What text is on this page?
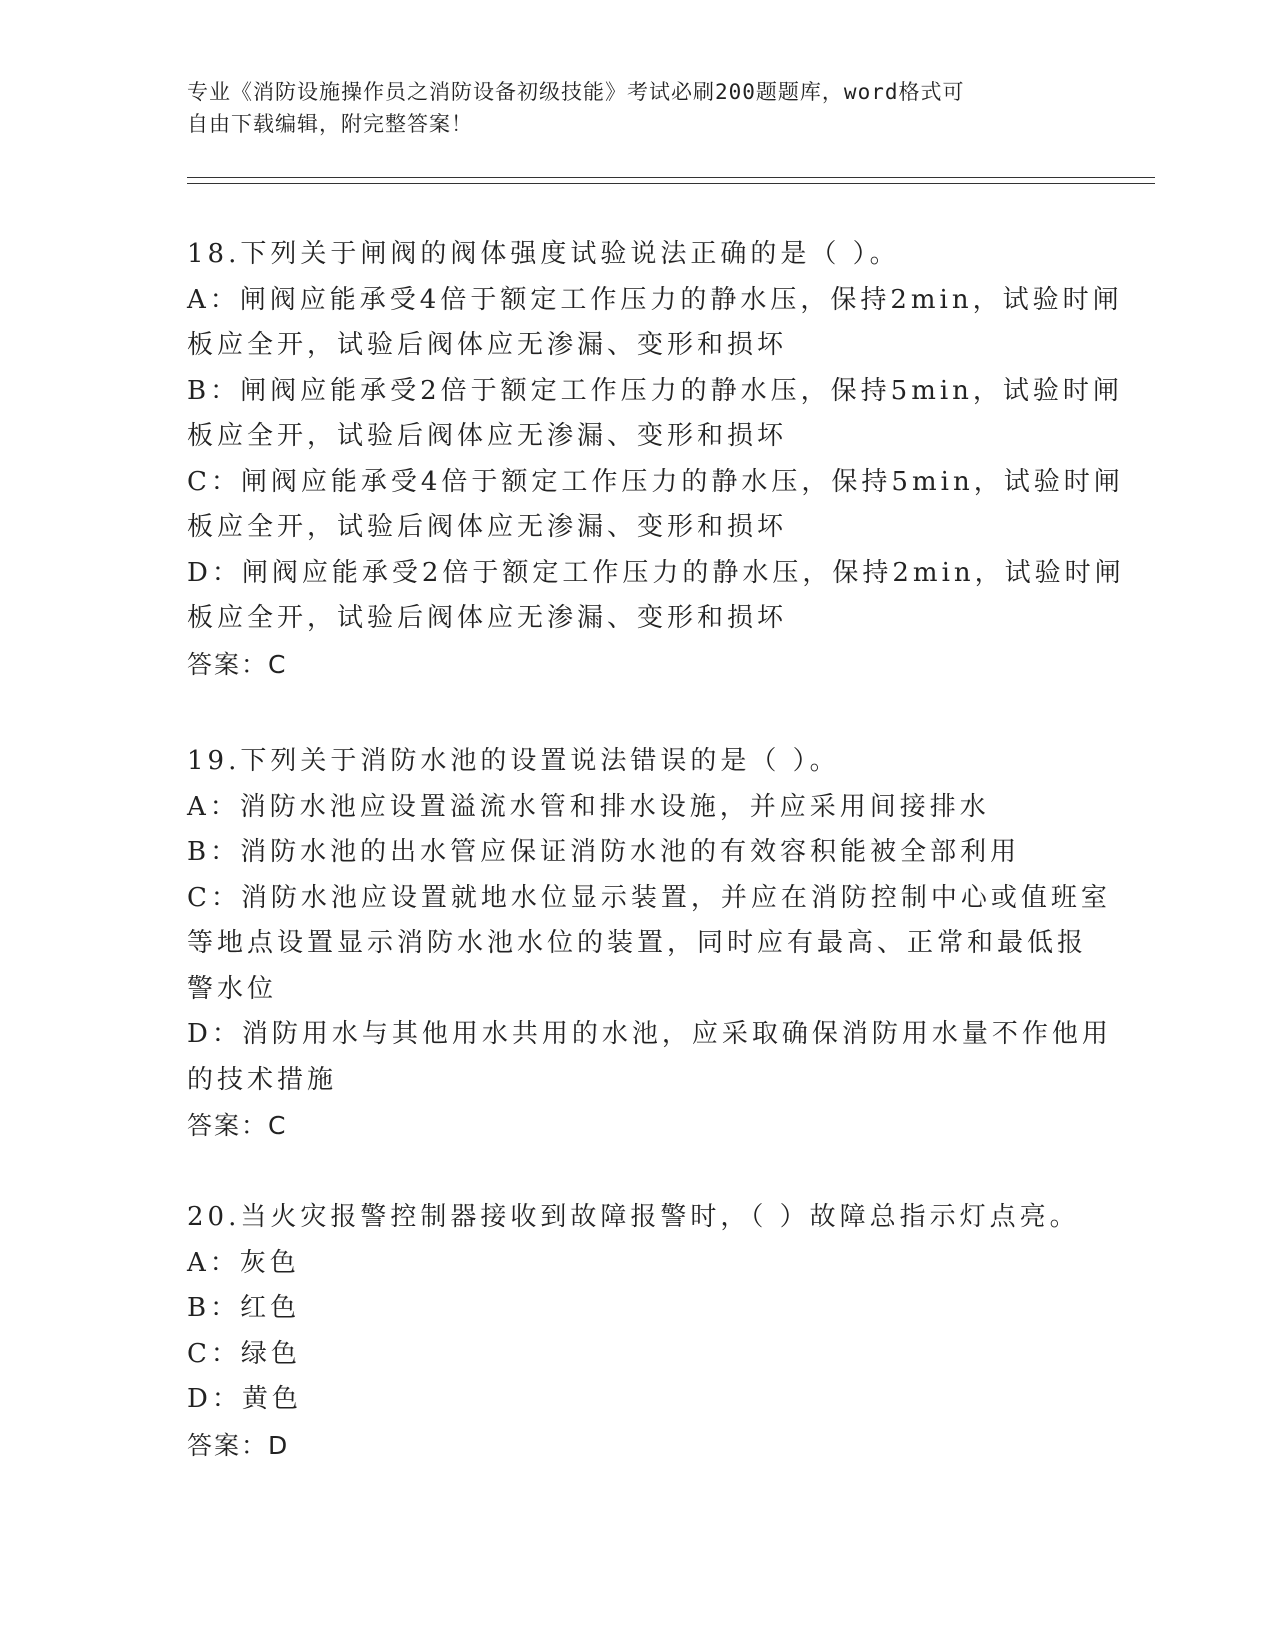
专业《消防设施操作员之消防设备初级技能》考试必刷200题题库，word格式可
自由下载编辑，附完整答案！
18.下列关于闸阀的阀体强度试验说法正确的是（ ）。
A：闸阀应能承受4倍于额定工作压力的静水压，保持2min，试验时闸
板应全开，试验后阀体应无渗漏、变形和损坏
B：闸阀应能承受2倍于额定工作压力的静水压，保持5min，试验时闸
板应全开，试验后阀体应无渗漏、变形和损坏
C：闸阀应能承受4倍于额定工作压力的静水压，保持5min，试验时闸
板应全开，试验后阀体应无渗漏、变形和损坏
D：闸阀应能承受2倍于额定工作压力的静水压，保持2min，试验时闸
板应全开，试验后阀体应无渗漏、变形和损坏
答案：C
19.下列关于消防水池的设置说法错误的是（ ）。
A：消防水池应设置溢流水管和排水设施，并应采用间接排水
B：消防水池的出水管应保证消防水池的有效容积能被全部利用
C：消防水池应设置就地水位显示装置，并应在消防控制中心或值班室
等地点设置显示消防水池水位的装置，同时应有最高、正常和最低报
警水位
D：消防用水与其他用水共用的水池，应采取确保消防用水量不作他用
的技术措施
答案：C
20.当火灾报警控制器接收到故障报警时，（ ）故障总指示灯点亮。
A：灰色
B：红色
C：绿色
D：黄色
答案：D
